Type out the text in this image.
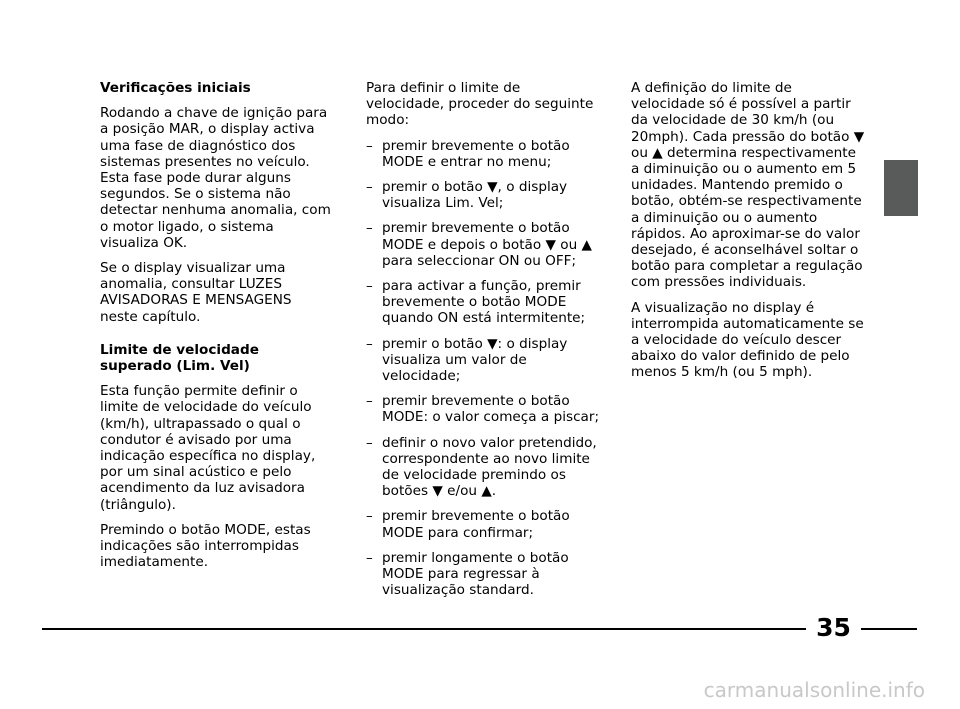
Verificações iniciais

Rodando a chave de ignição para a posição MAR, o display activa uma fase de diagnóstico dos sistemas presentes no veículo. Esta fase pode durar alguns segundos. Se o sistema não detectar nenhuma anomalia, com o motor ligado, o sistema visualiza OK.

Se o display visualizar uma anomalia, consultar LUZES AVISADORAS E MENSAGENS neste capítulo.

Limite de velocidade superado (Lim. Vel)

Esta função permite definir o limite de velocidade do veículo (km/h), ultrapassado o qual o condutor é avisado por uma indicação específica no display, por um sinal acústico e pelo acendimento da luz avisadora (triângulo).

Premindo o botão MODE, estas indicações são interrompidas imediatamente.

Para definir o limite de velocidade, proceder do seguinte modo:

– premir brevemente o botão MODE e entrar no menu;
– premir o botão ▼, o display visualiza Lim. Vel;
– premir brevemente o botão MODE e depois o botão ▼ ou ▲ para seleccionar ON ou OFF;
– para activar a função, premir brevemente o botão MODE quando ON está intermitente;
– premir o botão ▼: o display visualiza um valor de velocidade;
– premir brevemente o botão MODE: o valor começa a piscar;
– definir o novo valor pretendido, correspondente ao novo limite de velocidade premindo os botões ▼ e/ou ▲.
– premir brevemente o botão MODE para confirmar;
– premir longamente o botão MODE para regressar à visualização standard.

A definição do limite de velocidade só é possível a partir da velocidade de 30 km/h (ou 20mph). Cada pressão do botão ▼ ou ▲ determina respectivamente a diminuição ou o aumento em 5 unidades. Mantendo premido o botão, obtém-se respectivamente a diminuição ou o aumento rápidos. Ao aproximar-se do valor desejado, é aconselhável soltar o botão para completar a regulação com pressões individuais.

A visualização no display é interrompida automaticamente se a velocidade do veículo descer abaixo do valor definido de pelo menos 5 km/h (ou 5 mph).

35
carmanualsonline.info
